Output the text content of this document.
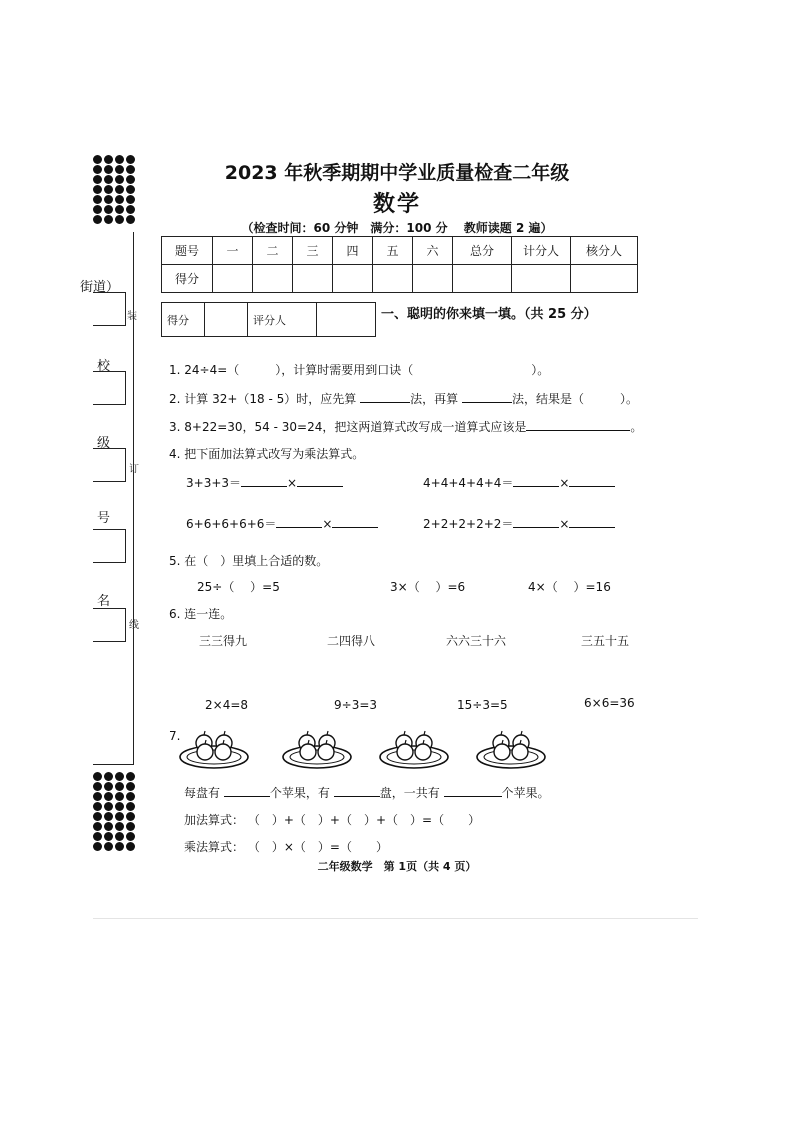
街道）
装
校
级
订
号
名
线
2023 年秋季期期中学业质量检查二年级
数学
（检查时间：60 分钟　满分：100 分　 教师读题 2 遍）
题号	一	二	三	四	五	六	总分	计分人	核分人
得分									
得分		评分人		一、聪明的你来填一填。（共 25 分）
1. 24÷4=（　　　），计算时需要用到口诀（	）。
2. 计算 32+（18 - 5）时，应先算	法，再算	法，结果是（　　　）。
3. 8+22=30，54 - 30=24，把这两道算式改写成一道算式应该是	。
4. 把下面加法算式改写为乘法算式。
3+3+3＝	×	4+4+4+4+4＝	×
6+6+6+6+6＝	×	2+2+2+2+2＝	×
5. 在（　）里填上合适的数。
25÷（　 ）=5	3×（　 ）=6	4×（　 ）=16
6. 连一连。
三三得九	二四得八	六六三十六	三五十五
2×4=8	9÷3=3	15÷3=5	6×6=36
7.
每盘有	个苹果，有	盘，一共有	个苹果。
加法算式： （　）+（　）+（　）+（　）=（　　）
乘法算式： （　）×（　）=（　　）
二年级数学　第 1页（共 4 页）
